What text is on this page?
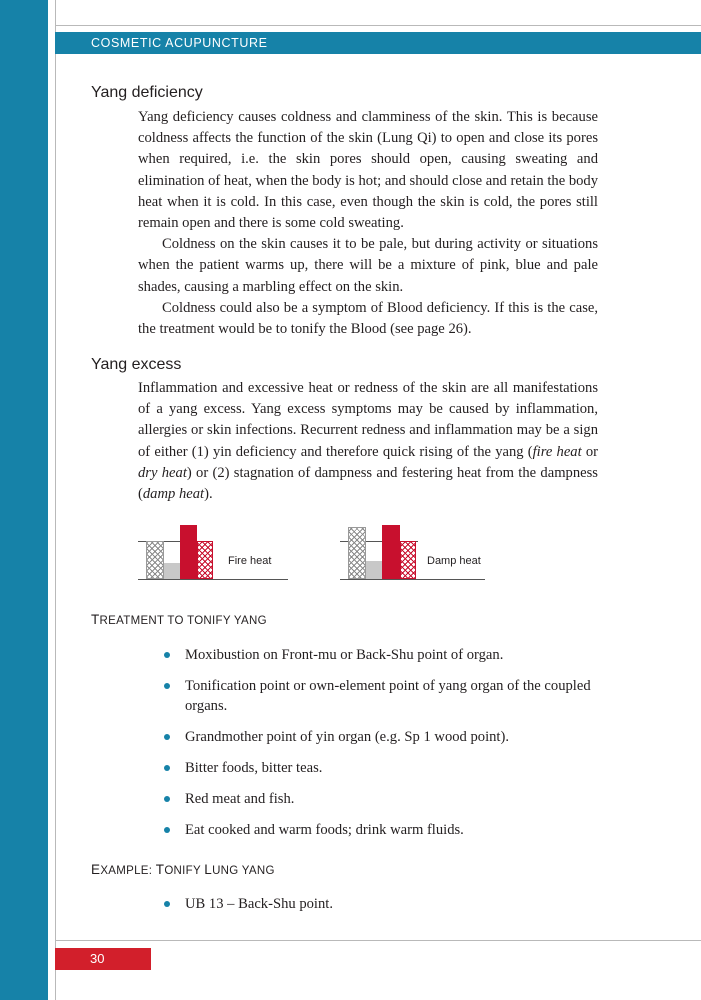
COSMETIC ACUPUNCTURE
Yang deficiency

Yang deficiency causes coldness and clamminess of the skin. This is because coldness affects the function of the skin (Lung Qi) to open and close its pores when required, i.e. the skin pores should open, causing sweating and elimination of heat, when the body is hot; and should close and retain the body heat when it is cold. In this case, even though the skin is cold, the pores still remain open and there is some cold sweating.

Coldness on the skin causes it to be pale, but during activity or situations when the patient warms up, there will be a mixture of pink, blue and pale shades, causing a marbling effect on the skin.

Coldness could also be a symptom of Blood deficiency. If this is the case, the treatment would be to tonify the Blood (see page 26).

Yang excess

Inflammation and excessive heat or redness of the skin are all manifestations of a yang excess. Yang excess symptoms may be caused by inflammation, allergies or skin infections. Recurrent redness and inflammation may be a sign of either (1) yin deficiency and therefore quick rising of the yang (fire heat or dry heat) or (2) stagnation of dampness and festering heat from the dampness (damp heat).

Fire heat	Damp heat
TREATMENT TO TONIFY YANG
Moxibustion on Front-mu or Back-Shu point of organ.
Tonification point or own-element point of yang organ of the coupled organs.
Grandmother point of yin organ (e.g. Sp 1 wood point).
Bitter foods, bitter teas.
Red meat and fish.
Eat cooked and warm foods; drink warm fluids.
EXAMPLE: TONIFY LUNG YANG
UB 13 – Back-Shu point.
30
